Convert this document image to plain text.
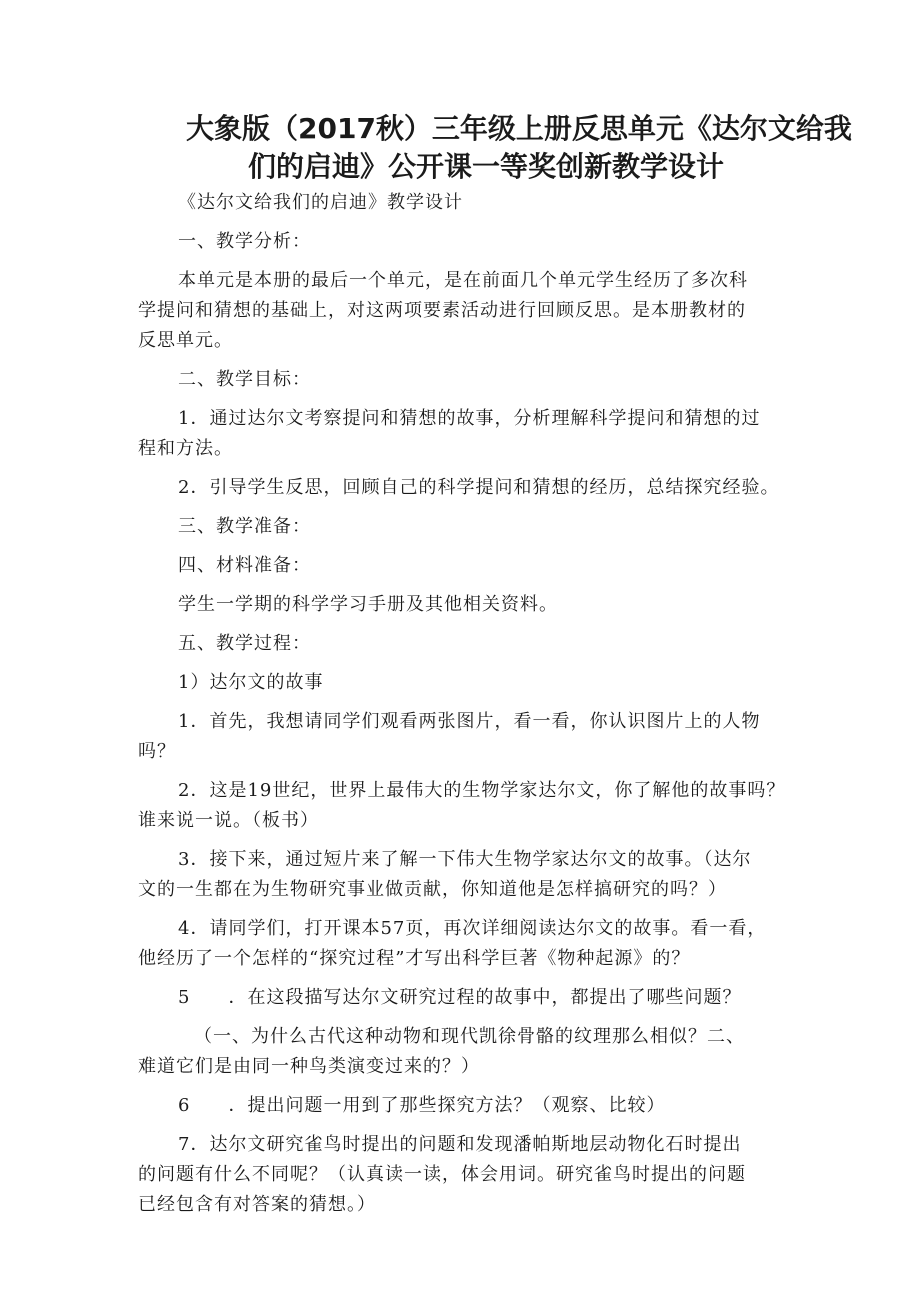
大象版（2017秋）三年级上册反思单元《达尔文给我
们的启迪》公开课一等奖创新教学设计

《达尔文给我们的启迪》教学设计

一、教学分析：

本单元是本册的最后一个单元，是在前面几个单元学生经历了多次科

学提问和猜想的基础上，对这两项要素活动进行回顾反思。是本册教材的

反思单元。

二、教学目标：

1．通过达尔文考察提问和猜想的故事，分析理解科学提问和猜想的过

程和方法。

2．引导学生反思，回顾自己的科学提问和猜想的经历，总结探究经验。

三、教学准备：

四、材料准备：

学生一学期的科学学习手册及其他相关资料。

五、教学过程：

1）达尔文的故事

1．首先，我想请同学们观看两张图片，看一看，你认识图片上的人物

吗？

2．这是19世纪，世界上最伟大的生物学家达尔文，你了解他的故事吗？

谁来说一说。（板书）

3．接下来，通过短片来了解一下伟大生物学家达尔文的故事。（达尔

文的一生都在为生物研究事业做贡献，你知道他是怎样搞研究的吗？）

4．请同学们，打开课本57页，再次详细阅读达尔文的故事。看一看，

他经历了一个怎样的“探究过程”才写出科学巨著《物种起源》的？

5　　．在这段描写达尔文研究过程的故事中，都提出了哪些问题？

（一、为什么古代这种动物和现代凯徐骨骼的纹理那么相似？二、

难道它们是由同一种鸟类演变过来的？）

6　　．提出问题一用到了那些探究方法？（观察、比较）

7．达尔文研究雀鸟时提出的问题和发现潘帕斯地层动物化石时提出

的问题有什么不同呢？（认真读一读，体会用词。研究雀鸟时提出的问题

已经包含有对答案的猜想。）
